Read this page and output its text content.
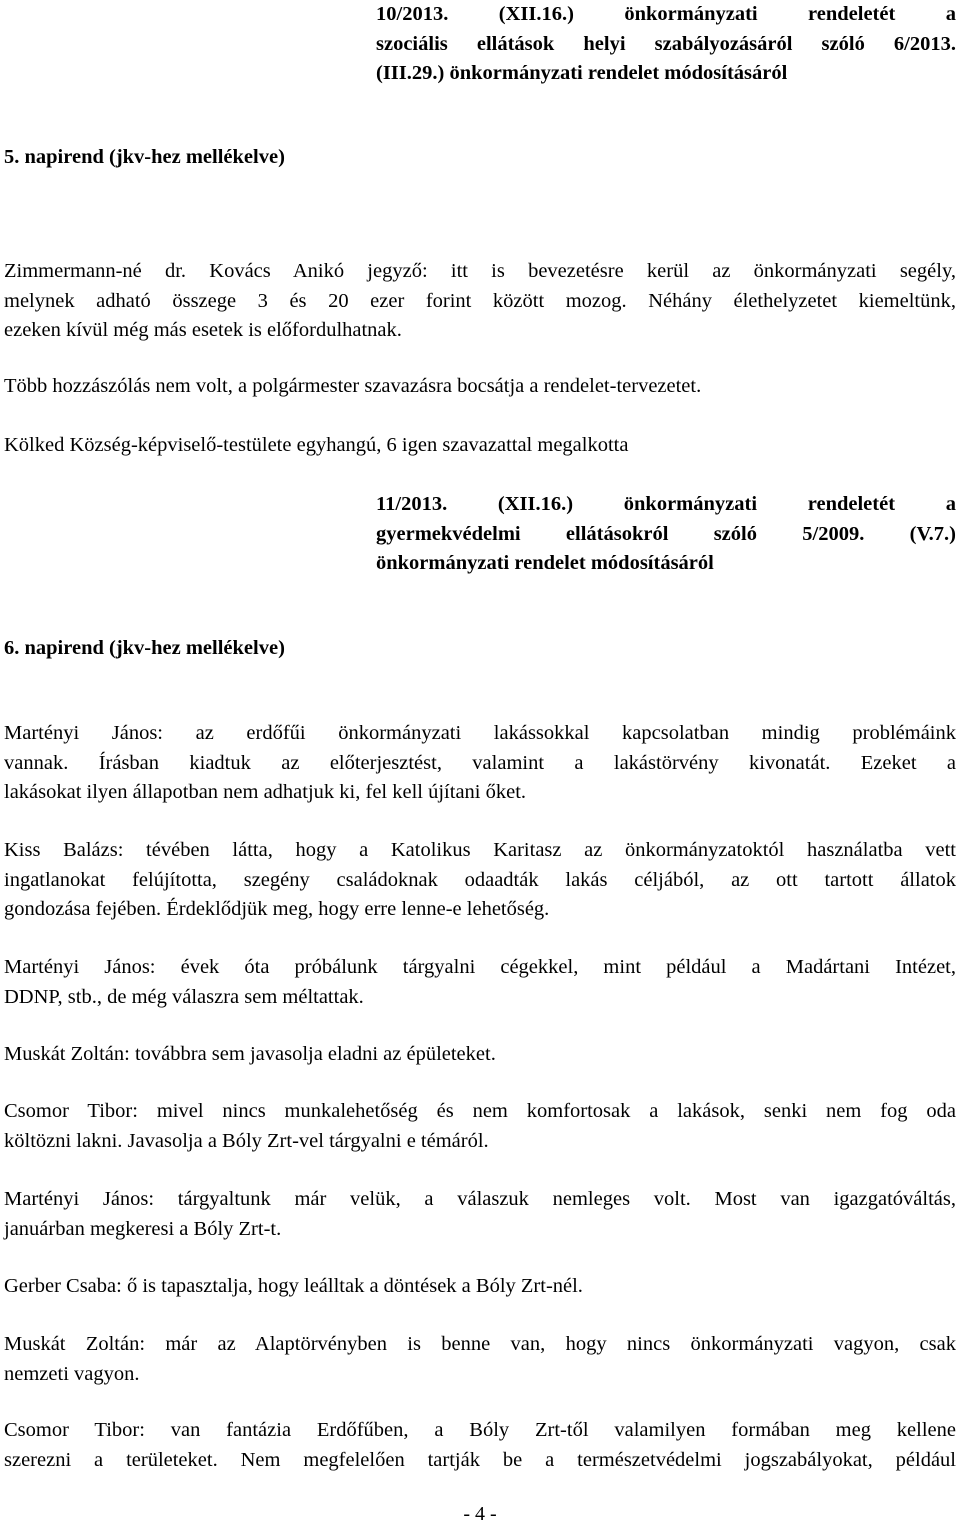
10/2013. (XII.16.) önkormányzati rendeletét a
szociális ellátások helyi szabályozásáról szóló 6/2013.
(III.29.) önkormányzati rendelet módosításáról
5. napirend (jkv-hez mellékelve)
Zimmermann-né dr. Kovács Anikó jegyző: itt is bevezetésre kerül az önkormányzati segély,
melynek adható összege 3 és 20 ezer forint között mozog. Néhány élethelyzetet kiemeltünk,
ezeken kívül még más esetek is előfordulhatnak.
Több hozzászólás nem volt, a polgármester szavazásra bocsátja a rendelet-tervezetet.
Kölked Község-képviselő-testülete egyhangú, 6 igen szavazattal megalkotta
11/2013. (XII.16.) önkormányzati rendeletét a
gyermekvédelmi ellátásokról szóló 5/2009. (V.7.)
önkormányzati rendelet módosításáról
6. napirend (jkv-hez mellékelve)
Martényi János: az erdőfűi önkormányzati lakássokkal kapcsolatban mindig problémáink
vannak. Írásban kiadtuk az előterjesztést, valamint a lakástörvény kivonatát. Ezeket a
lakásokat ilyen állapotban nem adhatjuk ki, fel kell újítani őket.
Kiss Balázs: tévében látta, hogy a Katolikus Karitasz az önkormányzatoktól használatba vett
ingatlanokat felújította, szegény családoknak odaadták lakás céljából, az ott tartott állatok
gondozása fejében. Érdeklődjük meg, hogy erre lenne-e lehetőség.
Martényi János: évek óta próbálunk tárgyalni cégekkel, mint például a Madártani Intézet,
DDNP, stb., de még válaszra sem méltattak.
Muskát Zoltán: továbbra sem javasolja eladni az épületeket.
Csomor Tibor: mivel nincs munkalehetőség és nem komfortosak a lakások, senki nem fog oda
költözni lakni. Javasolja a Bóly Zrt-vel tárgyalni e témáról.
Martényi János: tárgyaltunk már velük, a válaszuk nemleges volt. Most van igazgatóváltás,
januárban megkeresi a Bóly Zrt-t.
Gerber Csaba: ő is tapasztalja, hogy leálltak a döntések a Bóly Zrt-nél.
Muskát Zoltán: már az Alaptörvényben is benne van, hogy nincs önkormányzati vagyon, csak
nemzeti vagyon.
Csomor Tibor: van fantázia Erdőfűben, a Bóly Zrt-től valamilyen formában meg kellene
szerezni a területeket. Nem megfelelően tartják be a természetvédelmi jogszabályokat, például
- 4 -
